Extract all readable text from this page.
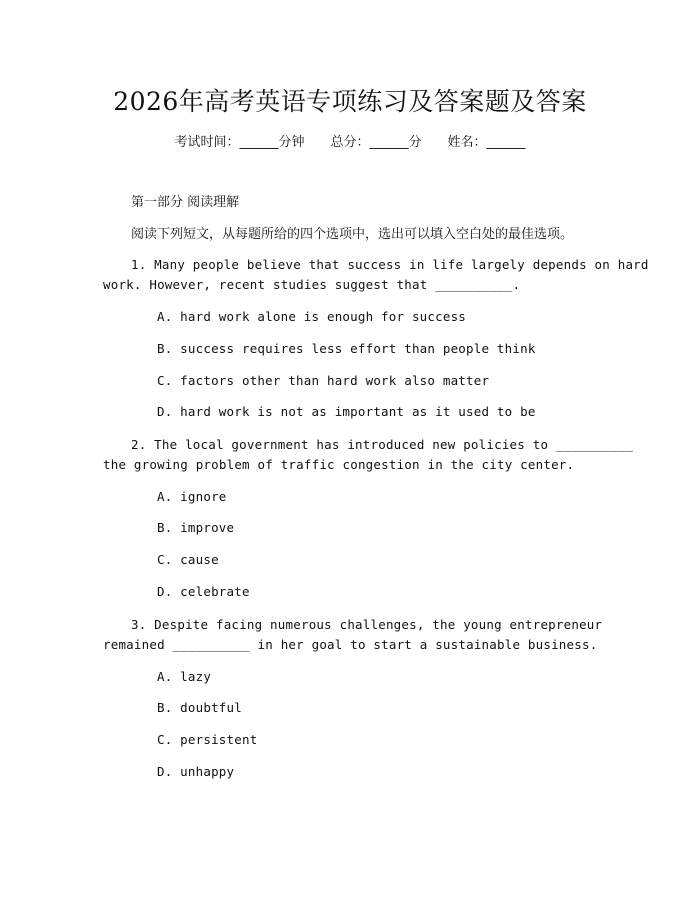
2026年高考英语专项练习及答案题及答案
考试时间：______分钟 总分：______分 姓名：______
第一部分 阅读理解
阅读下列短文，从每题所给的四个选项中，选出可以填入空白处的最佳选项。
1. Many people believe that success in life largely depends on hard
work. However, recent studies suggest that __________.
A. hard work alone is enough for success
B. success requires less effort than people think
C. factors other than hard work also matter
D. hard work is not as important as it used to be
2. The local government has introduced new policies to __________
the growing problem of traffic congestion in the city center.
A. ignore
B. improve
C. cause
D. celebrate
3. Despite facing numerous challenges, the young entrepreneur
remained __________ in her goal to start a sustainable business.
A. lazy
B. doubtful
C. persistent
D. unhappy
